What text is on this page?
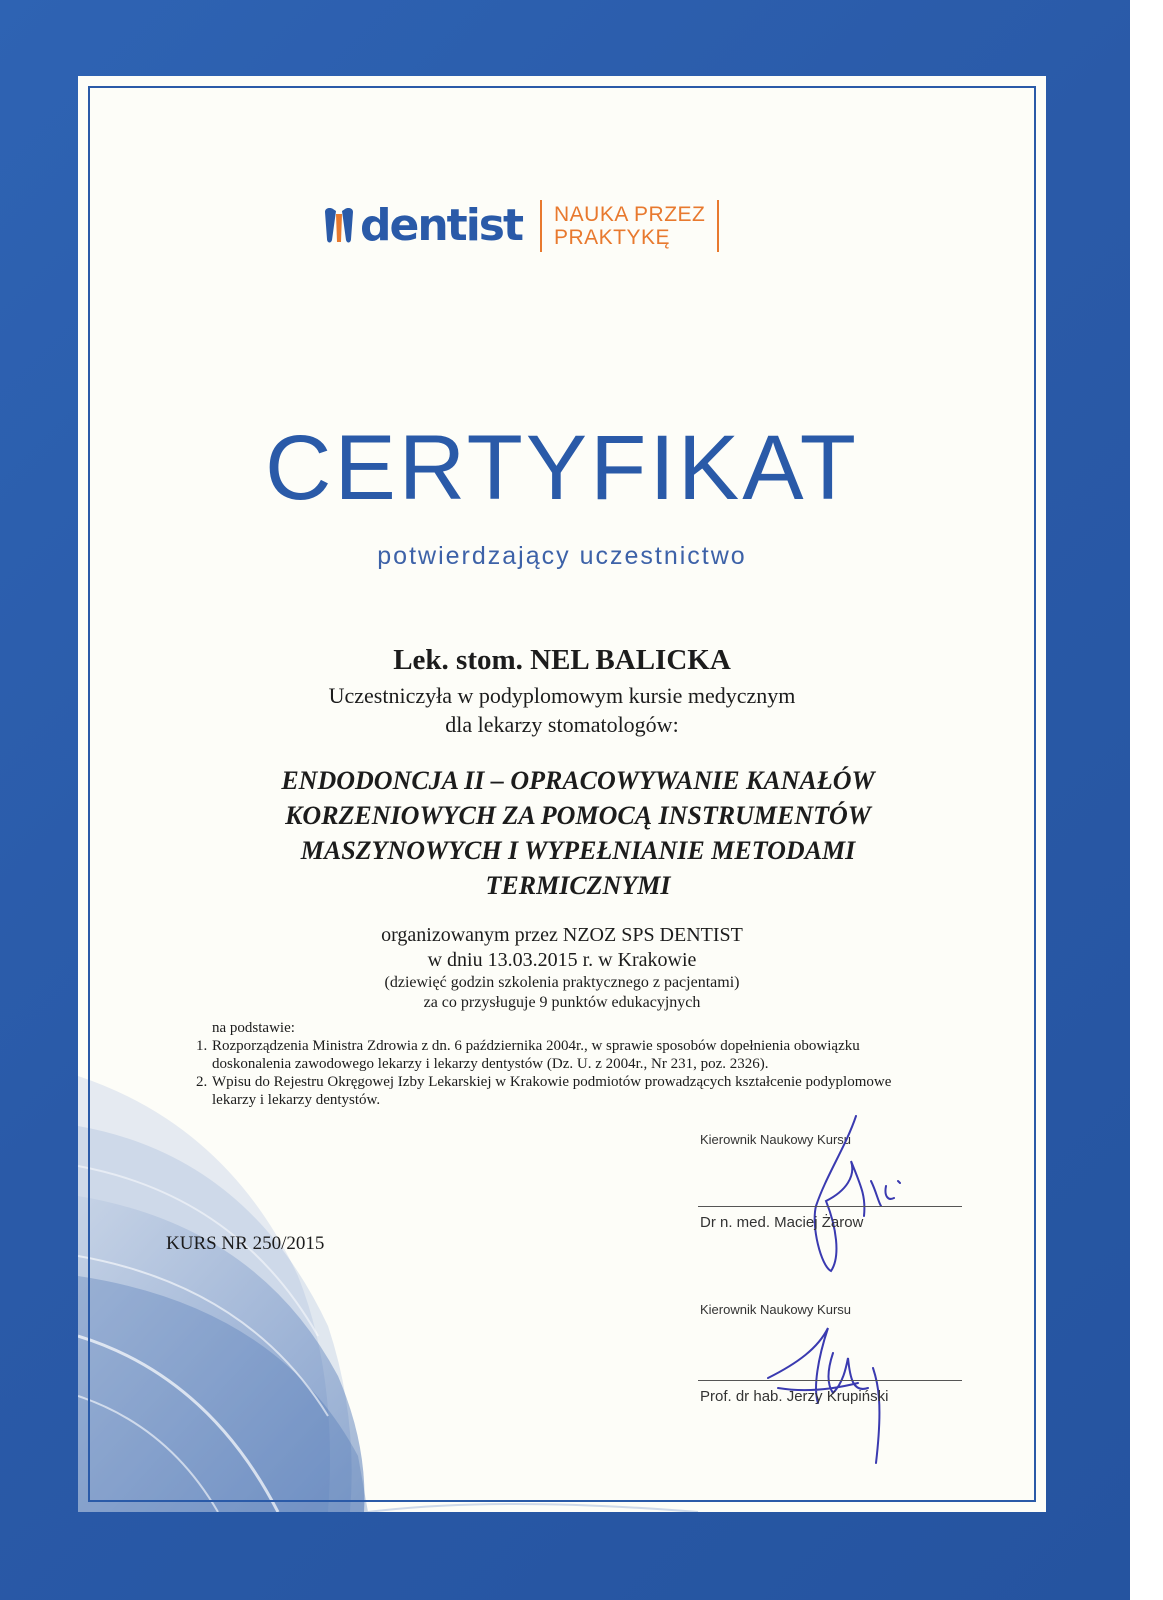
dentist NAUKA PRZEZ
PRAKTYKĘ
CERTYFIKAT
potwierdzający uczestnictwo
Lek. stom. NEL BALICKA
Uczestniczyła w podyplomowym kursie medycznym
dla lekarzy stomatologów:
ENDODONCJA II – OPRACOWYWANIE KANAŁÓW
KORZENIOWYCH ZA POMOCĄ INSTRUMENTÓW
MASZYNOWYCH I WYPEŁNIANIE METODAMI
TERMICZNYMI
organizowanym przez NZOZ SPS DENTIST
w dniu 13.03.2015 r. w Krakowie
(dziewięć godzin szkolenia praktycznego z pacjentami)
za co przysługuje 9 punktów edukacyjnych
na podstawie:
1. Rozporządzenia Ministra Zdrowia z dn. 6 października 2004r., w sprawie sposobów dopełnienia obowiązku doskonalenia zawodowego lekarzy i lekarzy dentystów (Dz. U. z 2004r., Nr 231, poz. 2326).
2. Wpisu do Rejestru Okręgowej Izby Lekarskiej w Krakowie podmiotów prowadzących kształcenie podyplomowe lekarzy i lekarzy dentystów.
KURS NR 250/2015
Kierownik Naukowy Kursu
Dr n. med. Maciej Żarow
Kierownik Naukowy Kursu
Prof. dr hab. Jerzy Krupiński
